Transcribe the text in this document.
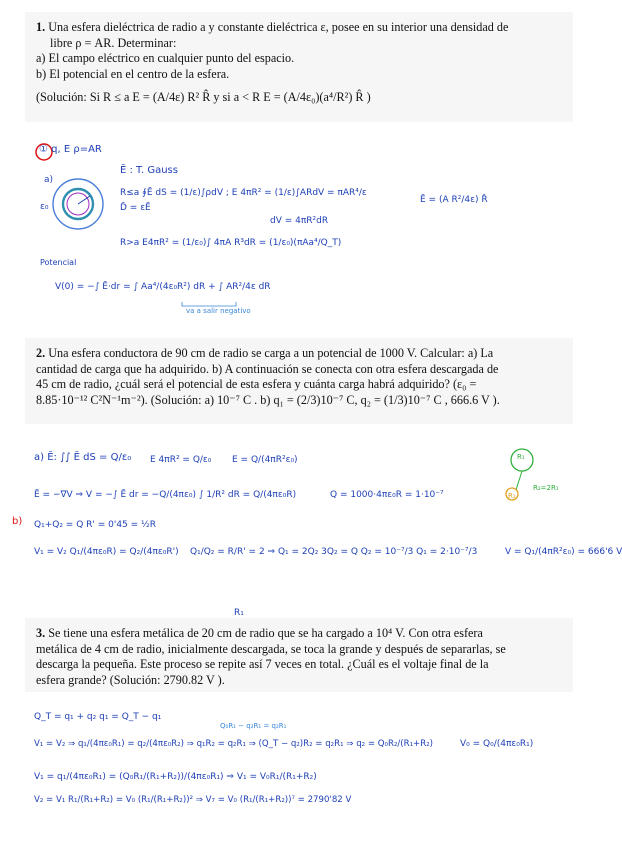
1. Una esfera dieléctrica de radio a y constante dieléctrica ε, posee en su interior una densidad de

libre ρ = AR. Determinar:

a) El campo eléctrico en cualquier punto del espacio.

b) El potencial en el centro de la esfera.

(Solución: Si R ≤ a E = (A/4ε) R² R̂ y si a < R E = (A/4ε₀)(a⁴/R²) R̂ )

① q, E ρ=AR
Ē : T. Gauss
R≤a ∮Ē dS = (1/ε)∫ρdV ; E 4πR² = (1/ε)∫ARdV = πAR⁴/ε
D̄ = εĒ
dV = 4πR²dR
Ē = (A R²/4ε) R̂
a)
ε₀
R>a E4πR² = (1/ε₀)∫ 4πA R³dR = (1/ε₀)(πAa⁴/Q_T)
Potencial
V(0) = −∫ Ē·dr = ∫ Aa⁴/(4ε₀R²) dR + ∫ AR²/4ε dR
va a salir negativo

2. Una esfera conductora de 90 cm de radio se carga a un potencial de 1000 V. Calcular: a) La

cantidad de carga que ha adquirido. b) A continuación se conecta con otra esfera descargada de

45 cm de radio, ¿cuál será el potencial de esta esfera y cuánta carga habrá adquirido? (ε₀ =

8.85·10⁻¹² C²N⁻¹m⁻²). (Solución: a) 10⁻⁷ C . b) q₁ = (2/3)10⁻⁷ C, q₂ = (1/3)10⁻⁷ C , 666.6 V ).

a) Ē: ∫∫ Ē dS = Q/ε₀ E 4πR² = Q/ε₀ E = Q/(4πR²ε₀)
Ē = −∇V ⇒ V = −∫ Ē dr = −Q/(4πε₀) ∫ 1/R² dR = Q/(4πε₀R)	Q = 1000·4πε₀R = 1·10⁻⁷
b) Q₁+Q₂ = Q R' = 0'45 = ½R
V₁ = V₂ Q₁/(4πε₀R) = Q₂/(4πε₀R') Q₁/Q₂ = R/R' = 2 ⇒ Q₁ = 2Q₂ 3Q₂ = Q Q₂ = 10⁻⁷/3 Q₁ = 2·10⁻⁷/3	V = Q₁/(4πR²ε₀) = 666'6 V
R₁
R₂=2R₁
R₂
R₁

3. Se tiene una esfera metálica de 20 cm de radio que se ha cargado a 10⁴ V. Con otra esfera

metálica de 4 cm de radio, inicialmente descargada, se toca la grande y después de separarlas, se

descarga la pequeña. Este proceso se repite así 7 veces en total. ¿Cuál es el voltaje final de la

esfera grande? (Solución: 2790.82 V ).

Q_T = q₁ + q₂ q₁ = Q_T − q₁
Q₀R₁ − q₂R₁ = q₂R₁
V₁ = V₂ ⇒ q₁/(4πε₀R₁) = q₂/(4πε₀R₂) ⇒ q₁R₂ = q₂R₁ ⇒ (Q_T − q₂)R₂ = q₂R₁ ⇒ q₂ = Q₀R₂/(R₁+R₂)	V₀ = Q₀/(4πε₀R₁)
V₁ = q₁/(4πε₀R₁) = (Q₀R₁/(R₁+R₂))/(4πε₀R₁) ⇒ V₁ = V₀R₁/(R₁+R₂)
V₂ = V₁ R₁/(R₁+R₂) = V₀ (R₁/(R₁+R₂))² ⇒ V₇ = V₀ (R₁/(R₁+R₂))⁷ = 2790'82 V
